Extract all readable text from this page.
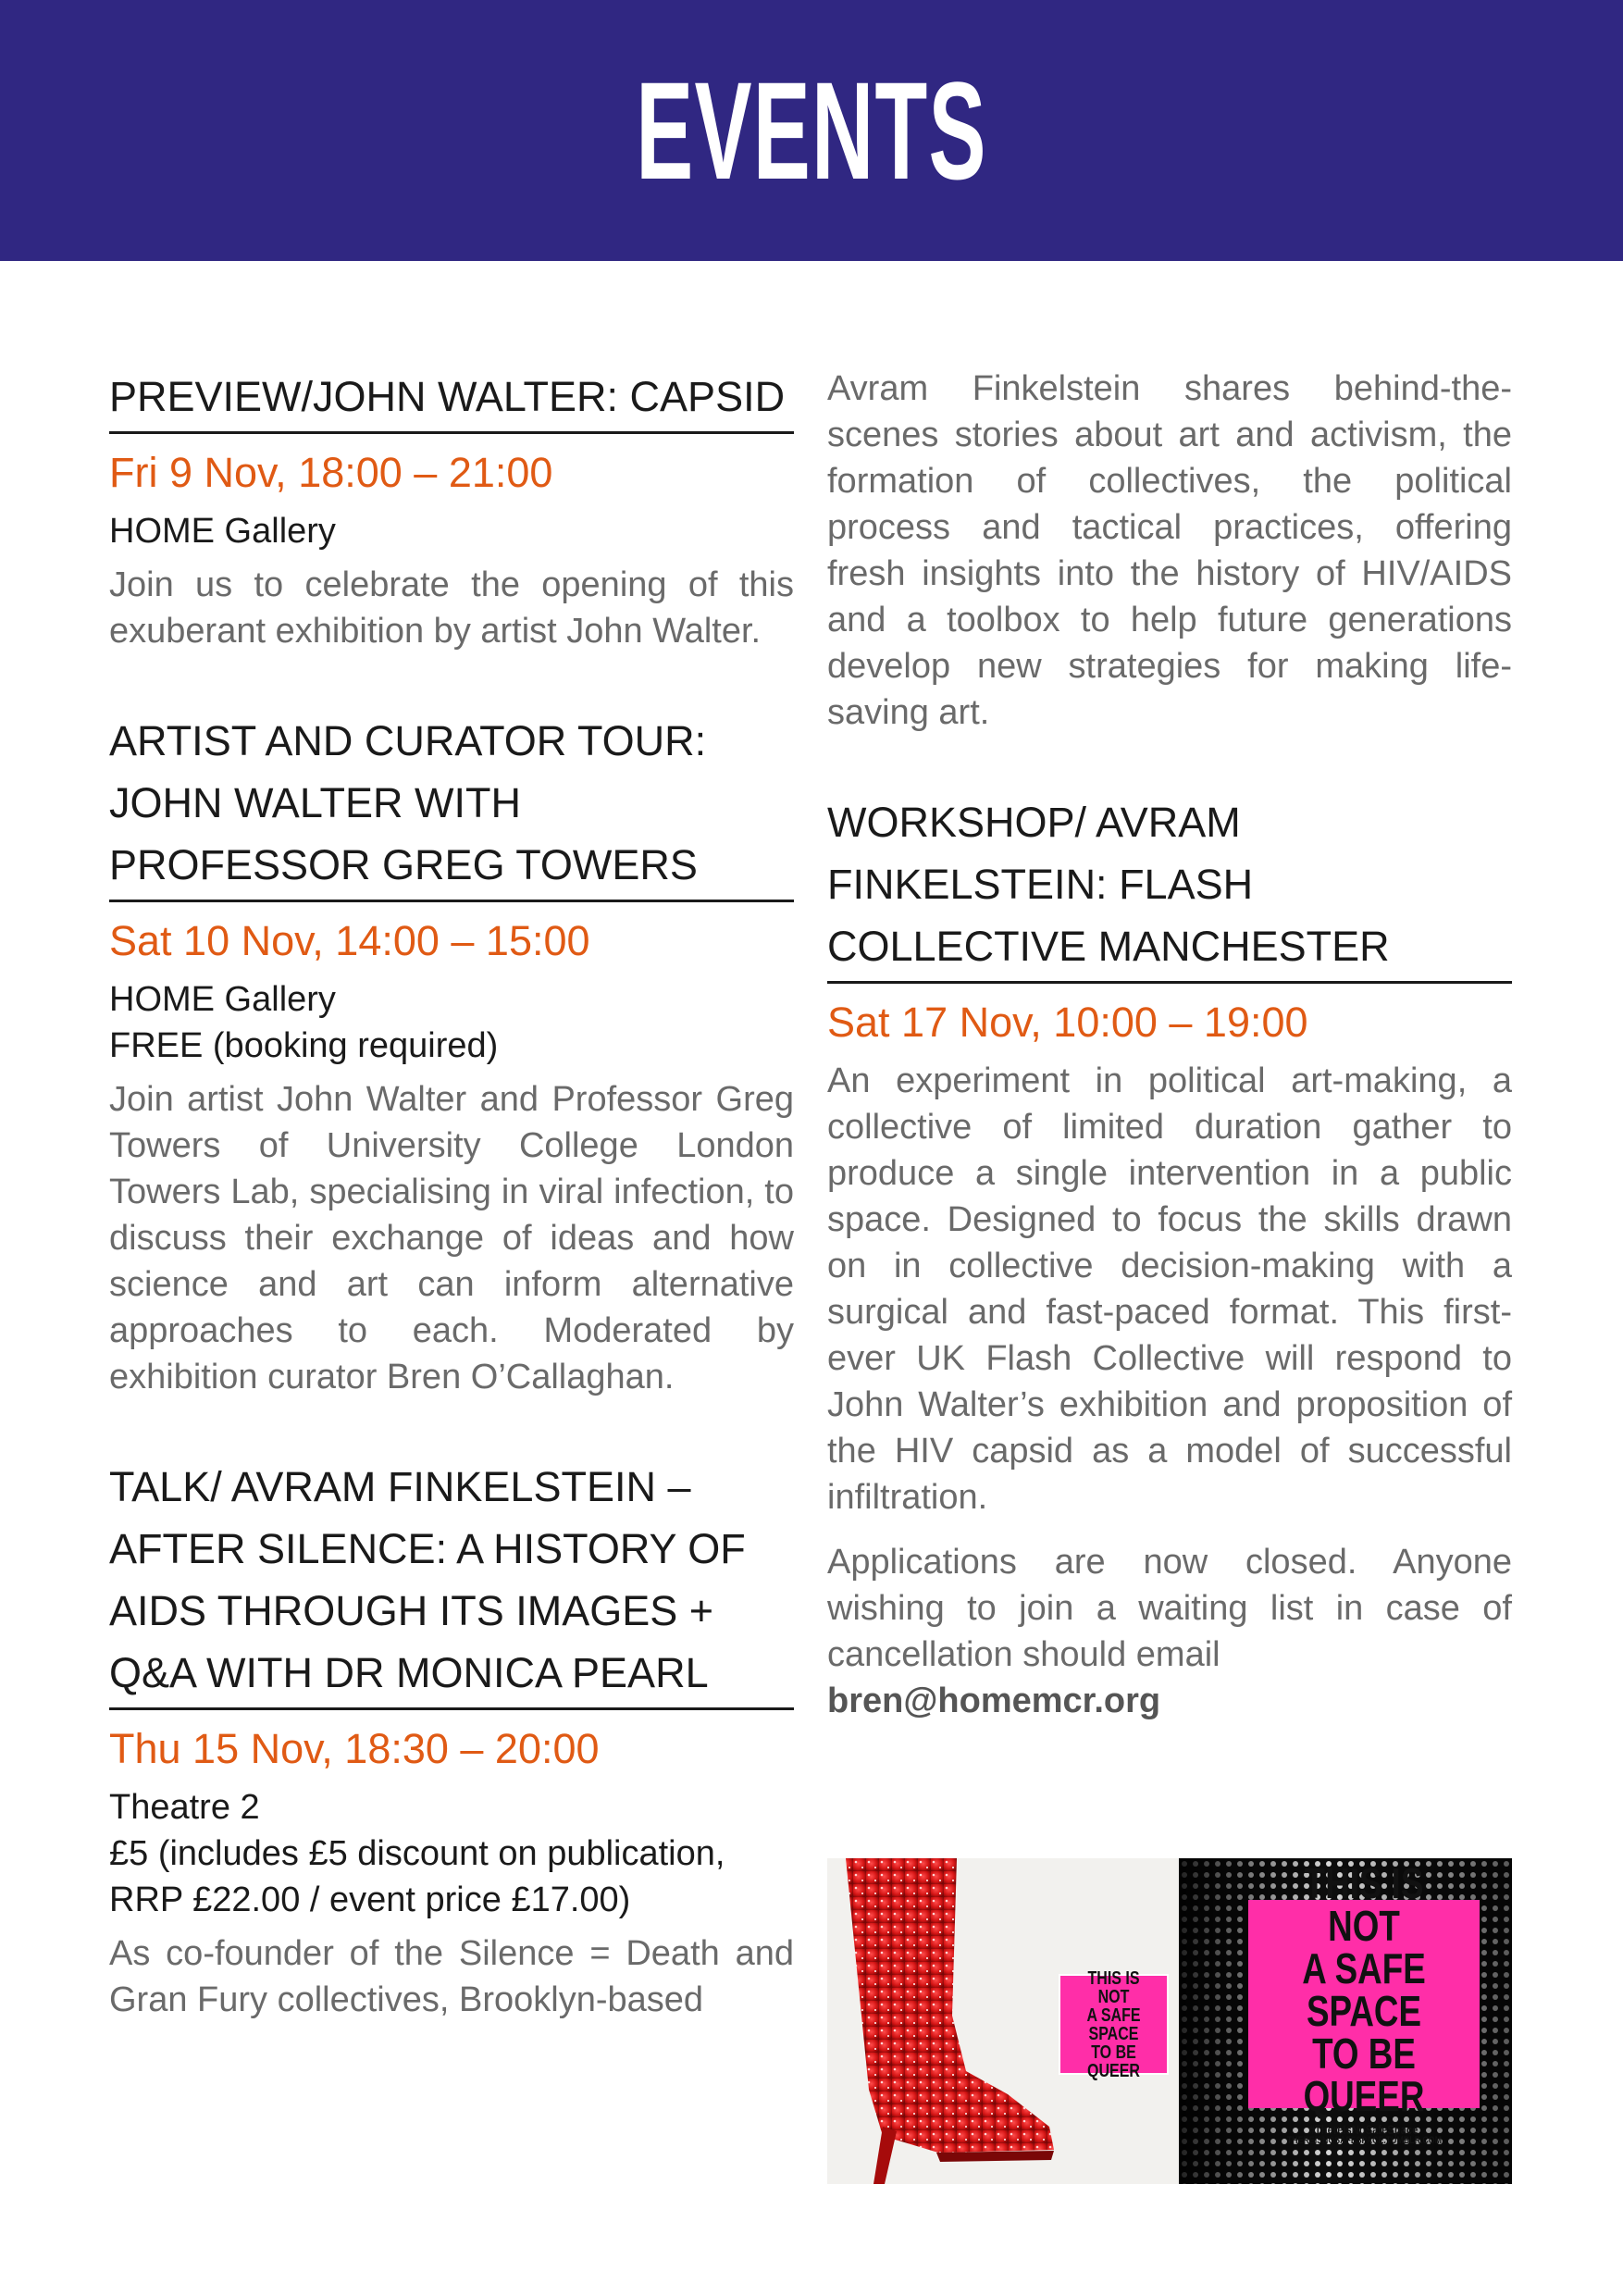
EVENTS
PREVIEW/JOHN WALTER: CAPSID
Fri 9 Nov, 18:00 – 21:00

HOME Gallery

Join us to celebrate the opening of this exuberant exhibition by artist John Walter.

ARTIST AND CURATOR TOUR: JOHN WALTER WITH PROFESSOR GREG TOWERS
Sat 10 Nov, 14:00 – 15:00

HOME Gallery

FREE (booking required)

Join artist John Walter and Professor Greg Towers of University College London Towers Lab, specialising in viral infection, to discuss their exchange of ideas and how science and art can inform alternative approaches to each. Moderated by exhibition curator Bren O’Callaghan.

TALK/ AVRAM FINKELSTEIN – AFTER SILENCE: A HISTORY OF AIDS THROUGH ITS IMAGES + Q&A WITH DR MONICA PEARL
Thu 15 Nov, 18:30 – 20:00

Theatre 2

£5 (includes £5 discount on publication, RRP £22.00 / event price £17.00)

As co-founder of the Silence = Death and Gran Fury collectives, Brooklyn-based

Avram Finkelstein shares behind-the-scenes stories about art and activism, the formation of collectives, the political process and tactical practices, offering fresh insights into the history of HIV/AIDS and a toolbox to help future generations develop new strategies for making life-saving art.

WORKSHOP/ AVRAM FINKELSTEIN: FLASH COLLECTIVE MANCHESTER
Sat 17 Nov, 10:00 – 19:00

An experiment in political art-making, a collective of limited duration gather to produce a single intervention in a public space. Designed to focus the skills drawn on in collective decision-making with a surgical and fast-paced format. This first-ever UK Flash Collective will respond to John Walter’s exhibition and proposition of the HIV capsid as a model of successful infiltration.

Applications are now closed. Anyone wishing to join a waiting list in case of cancellation should email

bren@homemcr.org
THIS IS NOT
A SAFE SPACE
TO BE QUEER
THIS IS NOT
A SAFE SPACE
TO BE QUEER
#ThereIsNoSafeSpace
THEREISNOSAFESPACE.TUMBLR.COM
